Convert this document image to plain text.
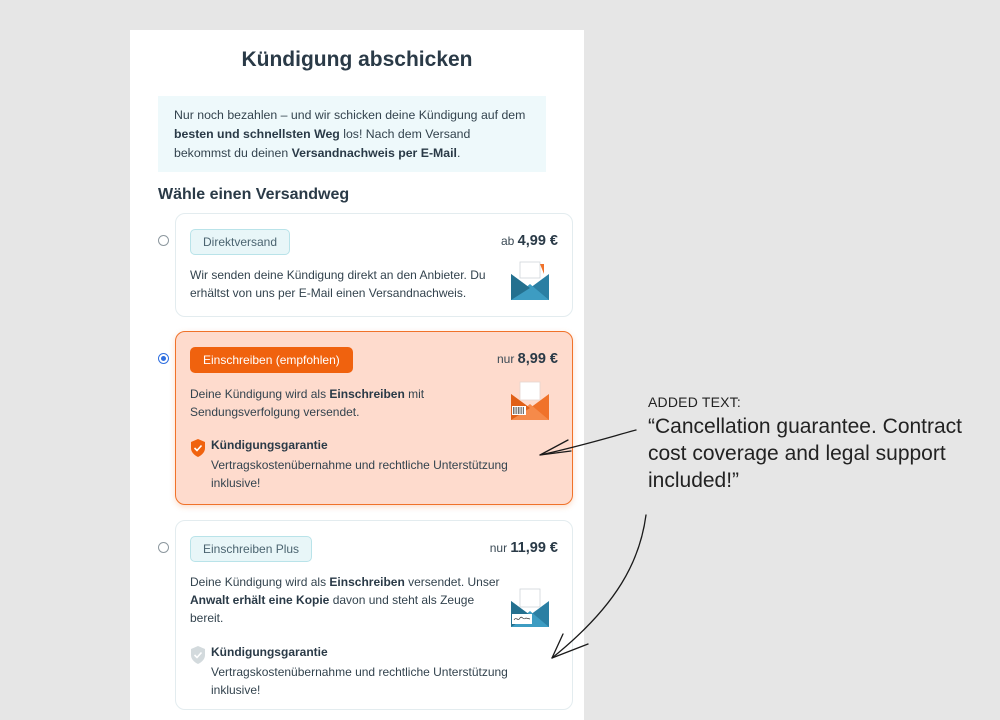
Kündigung abschicken
Nur noch bezahlen – und wir schicken deine Kündigung auf dem besten und schnellsten Weg los! Nach dem Versand bekommst du deinen Versandnachweis per E-Mail.
Wähle einen Versandweg
Direktversand	ab 4,99 €
Wir senden deine Kündigung direkt an den Anbieter. Du erhältst von uns per E-Mail einen Versandnachweis.
Einschreiben (empfohlen)	nur 8,99 €
Deine Kündigung wird als Einschreiben mit Sendungsverfolgung versendet.
Kündigungsgarantie
Vertragskostenübernahme und rechtliche Unterstützung inklusive!
Einschreiben Plus	nur 11,99 €
Deine Kündigung wird als Einschreiben versendet. Unser Anwalt erhält eine Kopie davon und steht als Zeuge bereit.
Kündigungsgarantie
Vertragskostenübernahme und rechtliche Unterstützung inklusive!
ADDED TEXT:
“Cancellation guarantee. Contract cost coverage and legal support included!”
